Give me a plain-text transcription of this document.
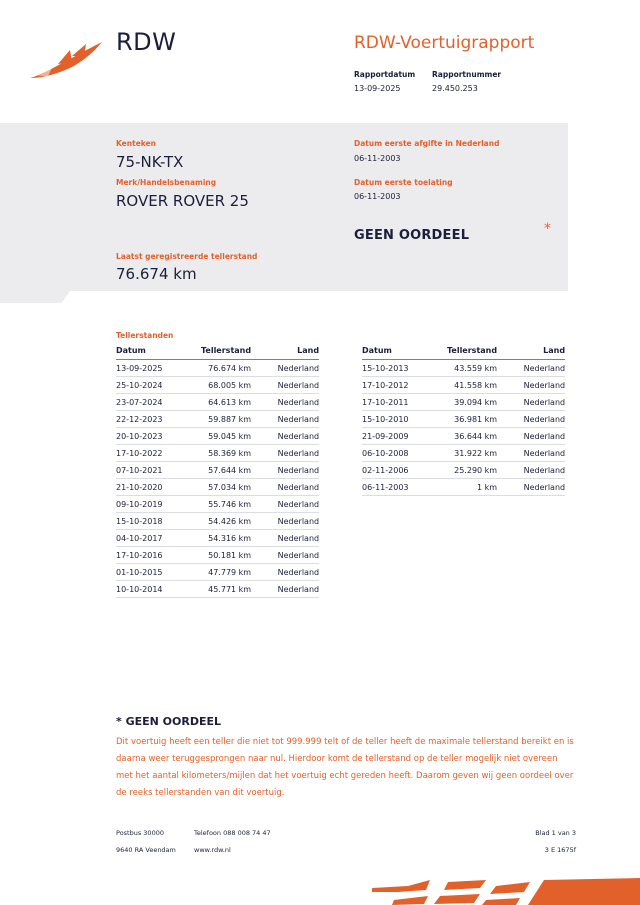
RDW	RDW-Voertuigrapport
Rapportdatum Rapportnummer
13-09-2025	29.450.253
Kenteken
75-NK-TX
Merk/Handelsbenaming
ROVER ROVER 25
Datum eerste afgifte in Nederland
06-11-2003
Datum eerste toelating
06-11-2003
GEEN OORDEEL	*
Laatst geregistreerde tellerstand
76.674 km
Tellerstanden
Datum	Tellerstand	Land
13-09-2025	76.674 km	Nederland
25-10-2024	68.005 km	Nederland
23-07-2024	64.613 km	Nederland
22-12-2023	59.887 km	Nederland
20-10-2023	59.045 km	Nederland
17-10-2022	58.369 km	Nederland
07-10-2021	57.644 km	Nederland
21-10-2020	57.034 km	Nederland
09-10-2019	55.746 km	Nederland
15-10-2018	54.426 km	Nederland
04-10-2017	54.316 km	Nederland
17-10-2016	50.181 km	Nederland
01-10-2015	47.779 km	Nederland
10-10-2014	45.771 km	Nederland
Datum	Tellerstand	Land
15-10-2013	43.559 km	Nederland
17-10-2012	41.558 km	Nederland
17-10-2011	39.094 km	Nederland
15-10-2010	36.981 km	Nederland
21-09-2009	36.644 km	Nederland
06-10-2008	31.922 km	Nederland
02-11-2006	25.290 km	Nederland
06-11-2003	1 km	Nederland
* GEEN OORDEEL
Dit voertuig heeft een teller die niet tot 999.999 telt of de teller heeft de maximale tellerstand bereikt en is daarna weer teruggesprongen naar nul. Hierdoor komt de tellerstand op de teller mogelijk niet overeen met het aantal kilometers/mijlen dat het voertuig echt gereden heeft. Daarom geven wij geen oordeel over de reeks tellerstanden van dit voertuig.
Postbus 30000
9640 RA Veendam
Telefoon 088 008 74 47
www.rdw.nl
Blad 1 van 3
3 E 1675f
